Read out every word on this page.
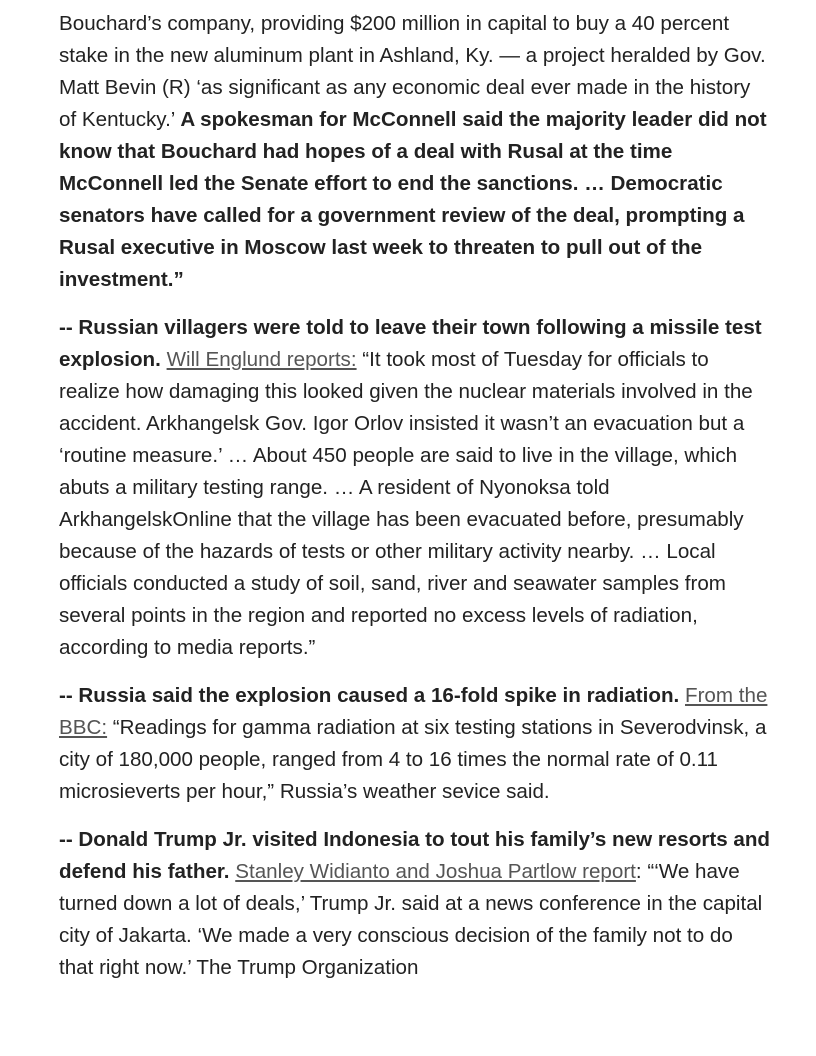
Bouchard’s company, providing $200 million in capital to buy a 40 percent stake in the new aluminum plant in Ashland, Ky. — a project heralded by Gov. Matt Bevin (R) ‘as significant as any economic deal ever made in the history of Kentucky.’ A spokesman for McConnell said the majority leader did not know that Bouchard had hopes of a deal with Rusal at the time McConnell led the Senate effort to end the sanctions. … Democratic senators have called for a government review of the deal, prompting a Rusal executive in Moscow last week to threaten to pull out of the investment.”

-- Russian villagers were told to leave their town following a missile test explosion. Will Englund reports: “It took most of Tuesday for officials to realize how damaging this looked given the nuclear materials involved in the accident. Arkhangelsk Gov. Igor Orlov insisted it wasn’t an evacuation but a ‘routine measure.’ … About 450 people are said to live in the village, which abuts a military testing range. … A resident of Nyonoksa told ArkhangelskOnline that the village has been evacuated before, presumably because of the hazards of tests or other military activity nearby. … Local officials conducted a study of soil, sand, river and seawater samples from several points in the region and reported no excess levels of radiation, according to media reports.”

-- Russia said the explosion caused a 16-fold spike in radiation. From the BBC: “Readings for gamma radiation at six testing stations in Severodvinsk, a city of 180,000 people, ranged from 4 to 16 times the normal rate of 0.11 microsieverts per hour,” Russia’s weather sevice said.

-- Donald Trump Jr. visited Indonesia to tout his family’s new resorts and defend his father. Stanley Widianto and Joshua Partlow report: “‘We have turned down a lot of deals,’ Trump Jr. said at a news conference in the capital city of Jakarta. ‘We made a very conscious decision of the family not to do that right now.’ The Trump Organization
